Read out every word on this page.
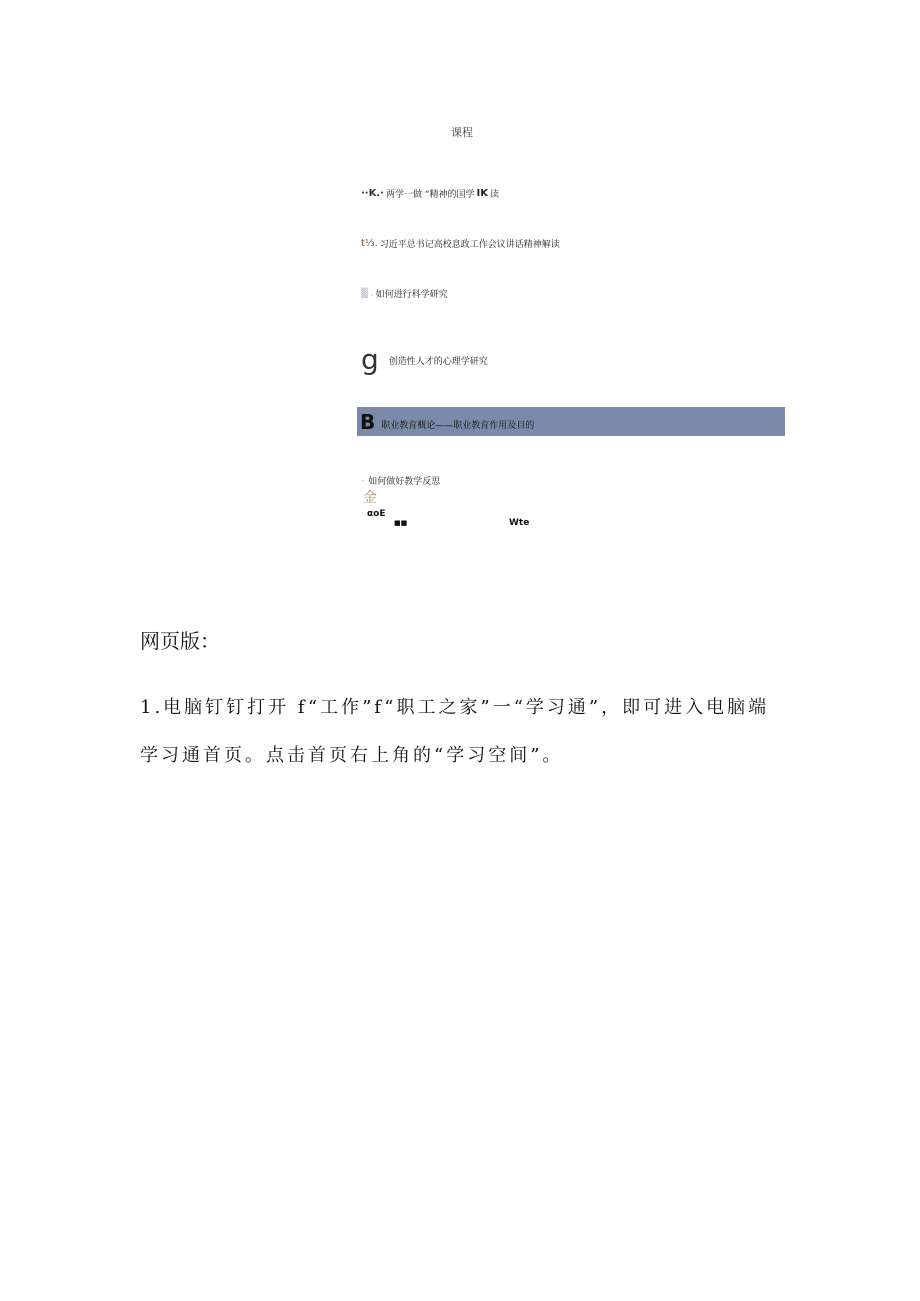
课程
··K.· 两学一做 “精神的国学 IK 读
t⅓. 习近平总书记高校息政工作会议讲话精神解读
▒ . 如何进行科学研究
g 创造性人才的心理学研究
B 职业教育概论——职业教育作用及目的
- 如何做好教学反思
金
αoE
■■	Wte
网页版：
1.电脑钉钉打开 f“工作”f“职工之家”一“学习通”，即可进入电脑端学习通首页。点击首页右上角的“学习空间”。
